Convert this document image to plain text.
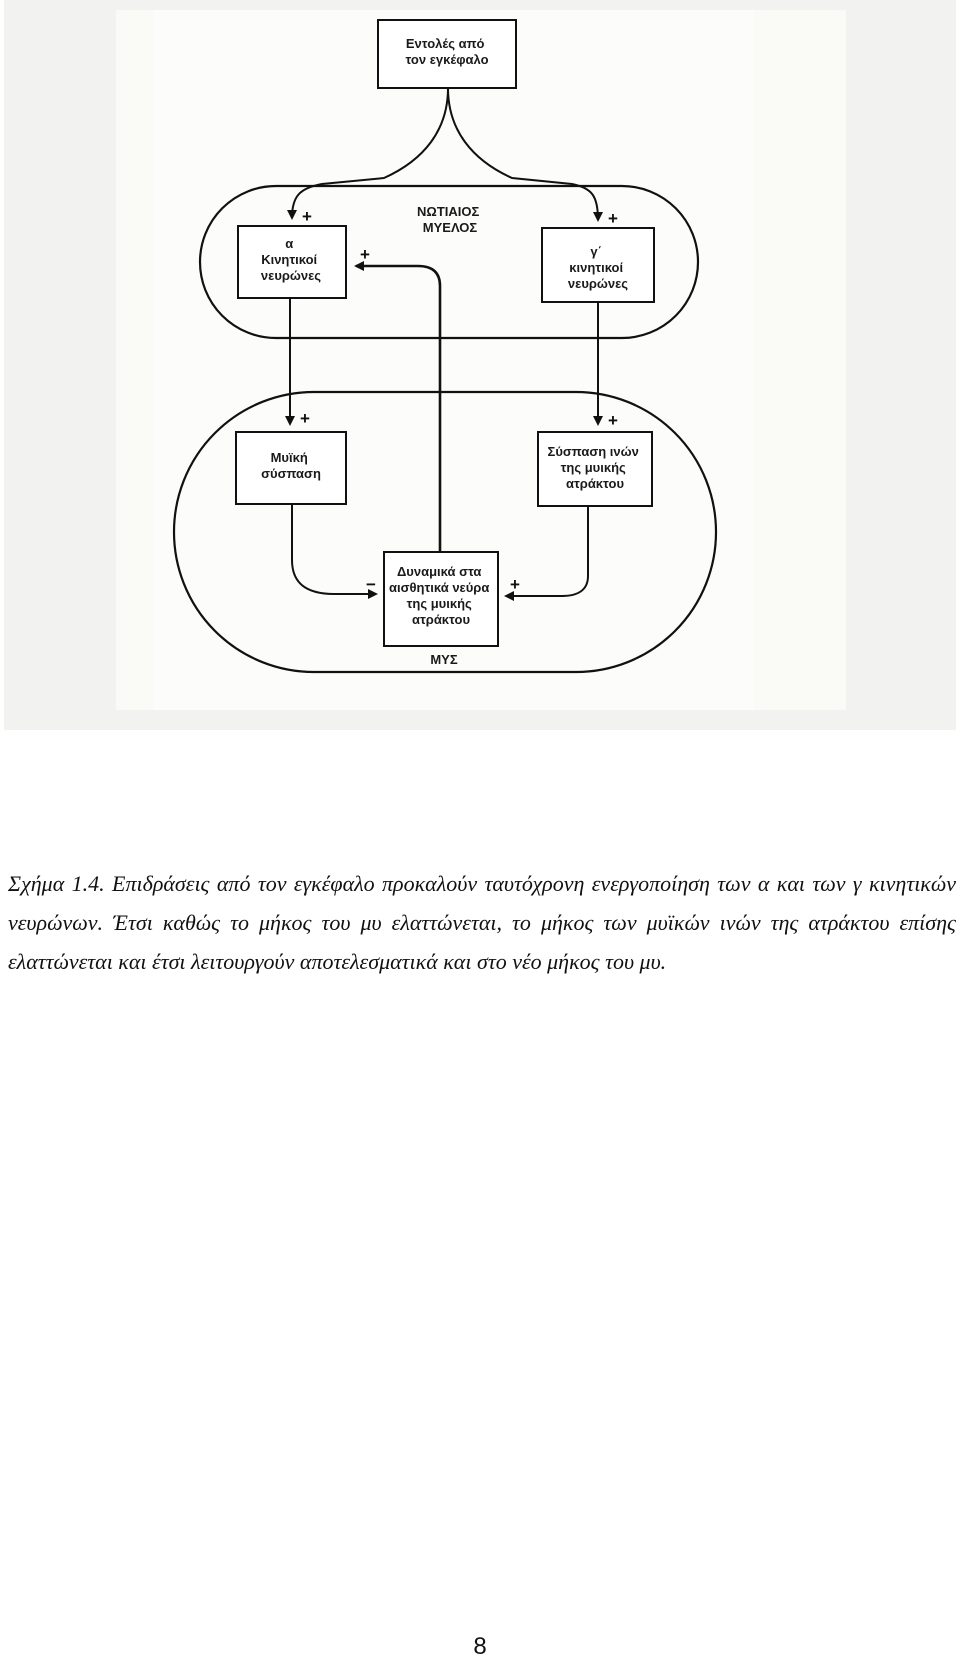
Εντολές από τον εγκέφαλο
α Κινητικοί νευρώνες
γ΄ κινητικοί νευρώνες
Μυϊκή σύσπαση
Σύσπαση ινών της μυικής ατράκτου
Δυναμικά στα αισθητικά νεύρα της μυικής ατράκτου
ΝΩΤΙΑΙΟΣ ΜΥΕΛΟΣ
ΜΥΣ
+	+
+
+	+
−	+

Σχήμα 1.4. Επιδράσεις από τον εγκέφαλο προκαλούν ταυτόχρονη ενεργοποίηση των α και των γ κινητικών νευρώνων. Έτσι καθώς το μήκος του μυ ελαττώνεται, το μήκος των μυϊκών ινών της ατράκτου επίσης ελαττώνεται και έτσι λειτουργούν αποτελεσματικά και στο νέο μήκος του μυ.

8
